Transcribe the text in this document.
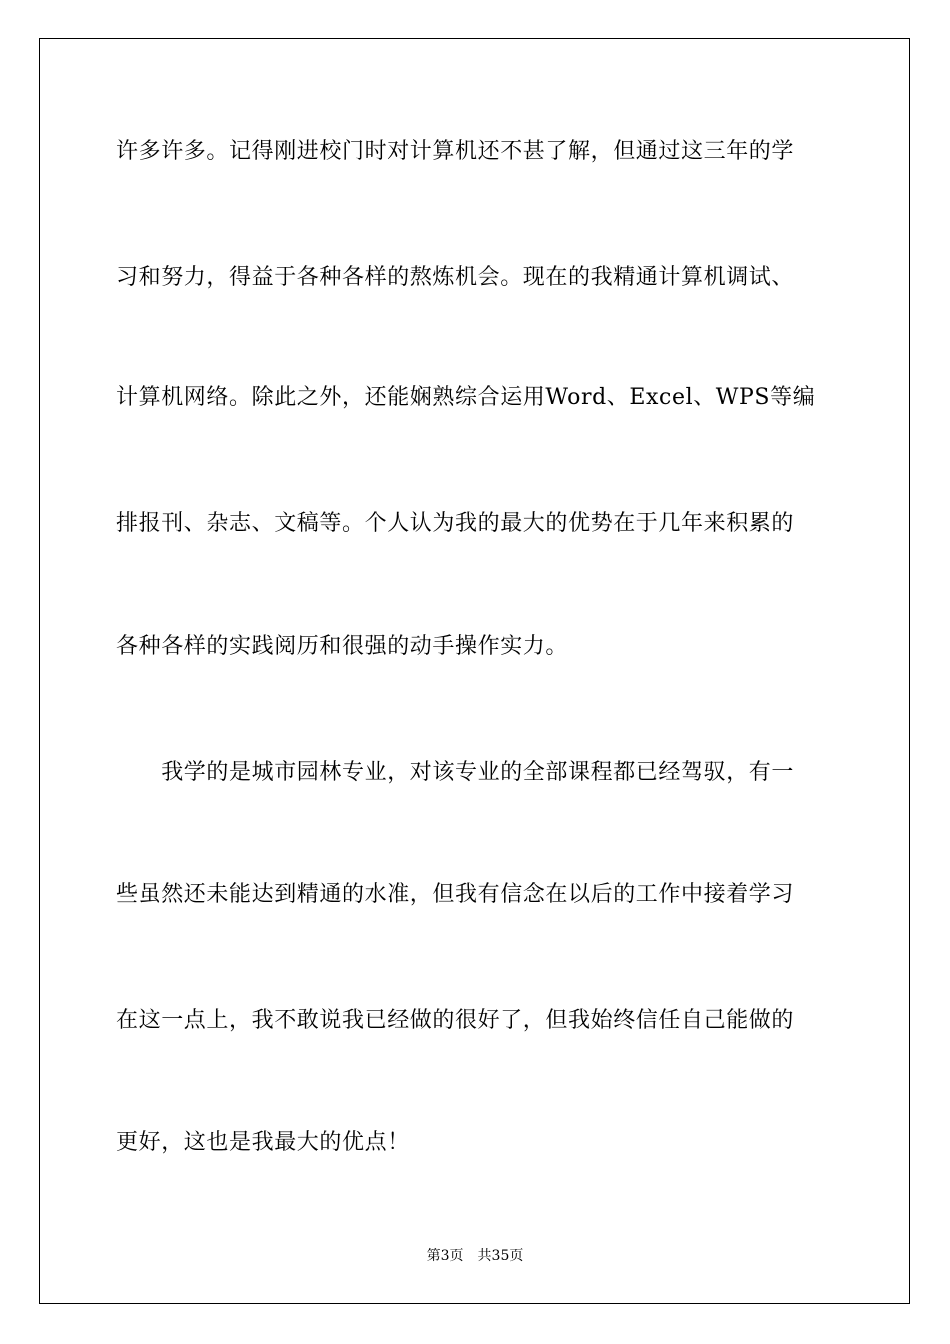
许多许多。记得刚进校门时对计算机还不甚了解，但通过这三年的学
习和努力，得益于各种各样的熬炼机会。现在的我精通计算机调试、
计算机网络。除此之外，还能娴熟综合运用Word、Excel、WPS等编
排报刊、杂志、文稿等。个人认为我的最大的优势在于几年来积累的
各种各样的实践阅历和很强的动手操作实力。
　　我学的是城市园林专业，对该专业的全部课程都已经驾驭，有一
些虽然还未能达到精通的水准，但我有信念在以后的工作中接着学习
在这一点上，我不敢说我已经做的很好了，但我始终信任自己能做的
更好，这也是我最大的优点！
第3页　共35页
